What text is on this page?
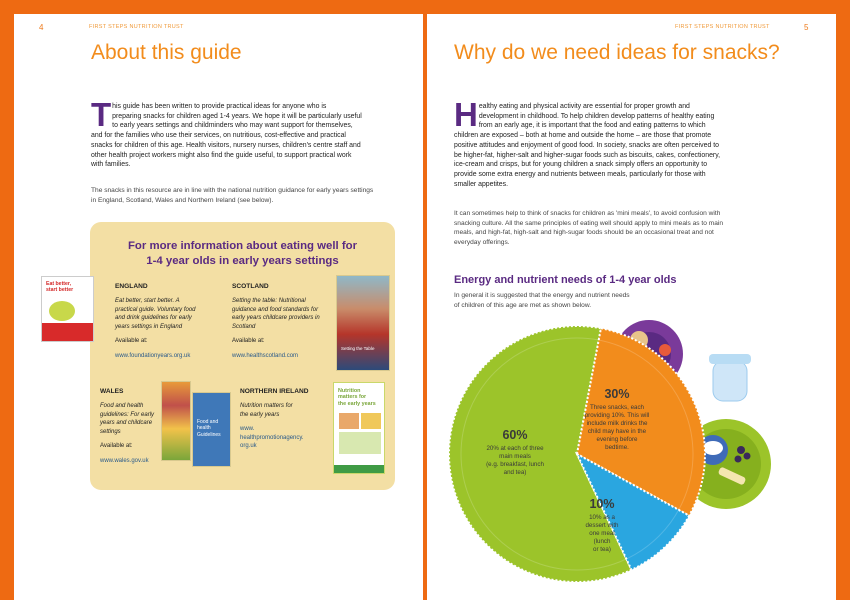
4	FIRST STEPS NUTRITION TRUST
About this guide
T his guide has been written to provide practical ideas for anyone who is
preparing snacks for children aged 1-4 years. We hope it will be particularly useful
to early years settings and childminders who may want support for themselves,
and for the families who use their services, on nutritious, cost-effective and practical
snacks for children of this age. Health visitors, nursery nurses, children's centre staff and
other health project workers might also find the guide useful, to support practical work
with families.
The snacks in this resource are in line with the national nutrition guidance for early years settings
in England, Scotland, Wales and Northern Ireland (see below).
For more information about eating well for
1-4 year olds in early years settings
ENGLAND
Eat better, start better. A
practical guide. Voluntary food
and drink guidelines for early
years settings in England
Available at:
www.foundationyears.org.uk
SCOTLAND
Setting the table: Nutritional
guidance and food standards for
early years childcare providers in
Scotland
Available at:
www.healthscotland.com
Setting the Table
WALES
Food and health
guidelines: For early
years and childcare
settings
Available at:
www.wales.gov.uk
Food and health
Guidelines
NORTHERN IRELAND
Nutrition matters for
the early years
www.
healthpromotionagency.
org.uk
Nutrition
matters for
the early years
Eat better,
start better
FIRST STEPS NUTRITION TRUST	5
Why do we need ideas for snacks?
H ealthy eating and physical activity are essential for proper growth and
development in childhood. To help children develop patterns of healthy eating
from an early age, it is important that the food and eating patterns to which
children are exposed – both at home and outside the home – are those that promote
positive attitudes and enjoyment of good food. In society, snacks are often perceived to
be higher-fat, higher-salt and higher-sugar foods such as biscuits, cakes, confectionery,
ice-cream and crisps, but for young children a snack simply offers an opportunity to
provide some extra energy and nutrients between meals, particularly for those with
smaller appetites.
It can sometimes help to think of snacks for children as 'mini meals', to avoid confusion with
snacking culture. All the same principles of eating well should apply to mini meals as to main
meals, and high-fat, high-salt and high-sugar foods should be an occasional treat and not
everyday offerings.
Energy and nutrient needs of 1-4 year olds
In general it is suggested that the energy and nutrient needs
of children of this age are met as shown below.
60%
20% at each of three
main meals
(e.g. breakfast, lunch
and tea)
30%
Three snacks, each
providing 10%. This will
include milk drinks the
child may have in the
evening before
bedtime.
10%
10% as a
dessert with
one meal
(lunch
or tea)
